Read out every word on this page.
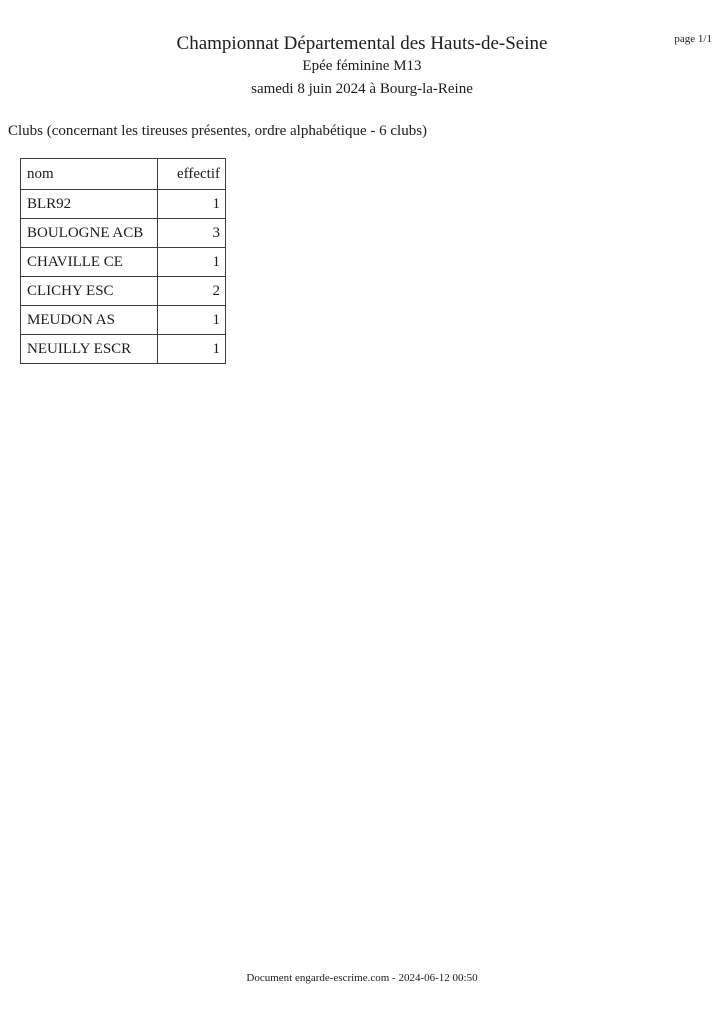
page 1/1
Championnat Départemental des Hauts-de-Seine
Epée féminine M13
samedi 8 juin 2024 à Bourg-la-Reine
Clubs (concernant les tireuses présentes, ordre alphabétique - 6 clubs)
nom	effectif
BLR92	1
BOULOGNE ACB	3
CHAVILLE CE	1
CLICHY ESC	2
MEUDON AS	1
NEUILLY ESCR	1
Document engarde-escrime.com - 2024-06-12 00:50
